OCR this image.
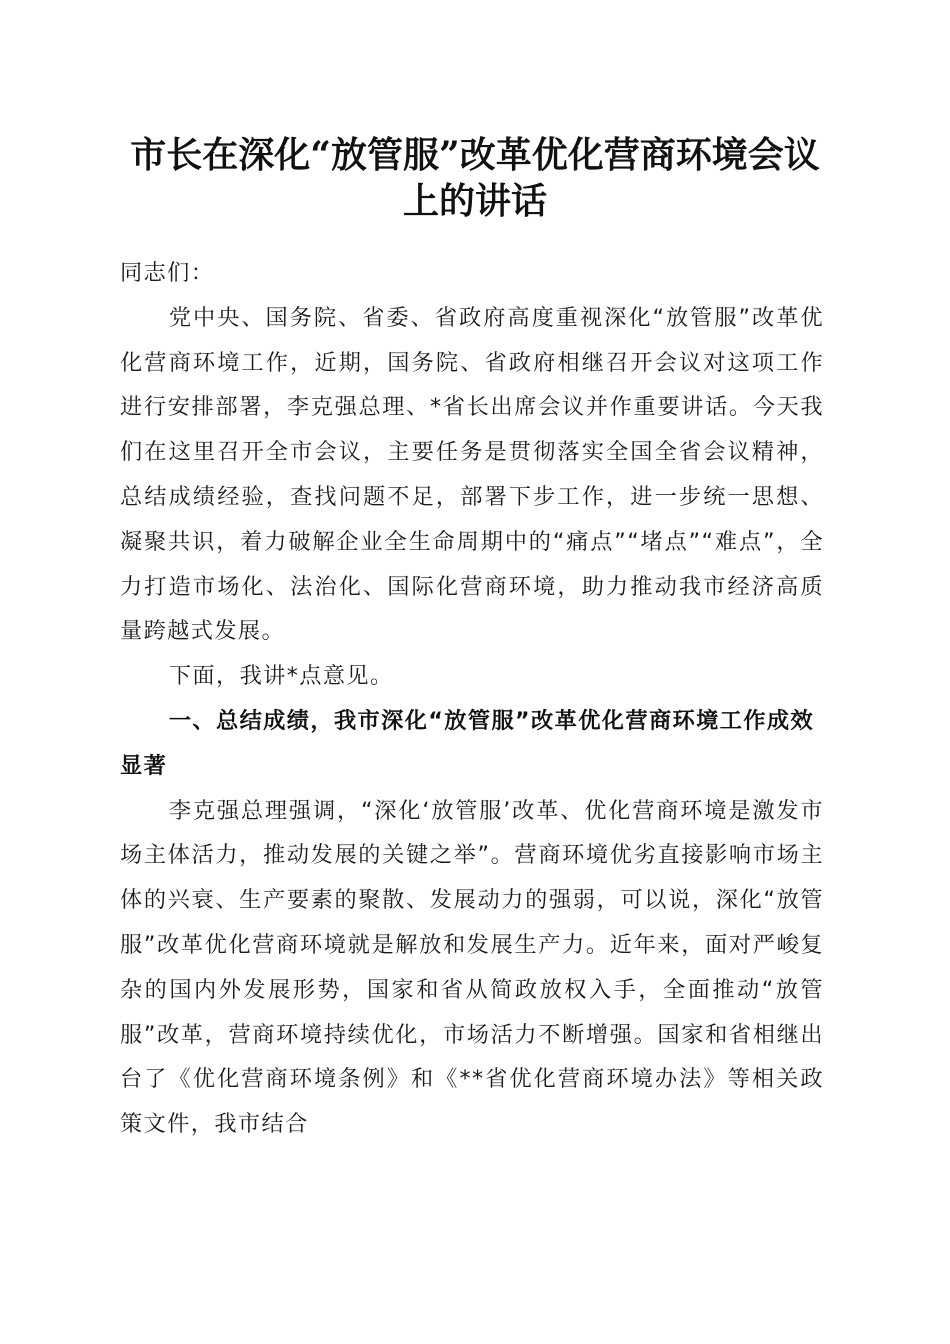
市长在深化“放管服”改革优化营商环境会议
上的讲话

同志们：

党中央、国务院、省委、省政府高度重视深化“放管服”改革优化营商环境工作，近期，国务院、省政府相继召开会议对这项工作进行安排部署，李克强总理、*省长出席会议并作重要讲话。今天我们在这里召开全市会议，主要任务是贯彻落实全国全省会议精神，总结成绩经验，查找问题不足，部署下步工作，进一步统一思想、凝聚共识，着力破解企业全生命周期中的“痛点”“堵点”“难点”，全力打造市场化、法治化、国际化营商环境，助力推动我市经济高质量跨越式发展。

下面，我讲*点意见。

一、总结成绩，我市深化“放管服”改革优化营商环境工作成效显著

李克强总理强调，“深化‘放管服’改革、优化营商环境是激发市场主体活力，推动发展的关键之举”。营商环境优劣直接影响市场主体的兴衰、生产要素的聚散、发展动力的强弱，可以说，深化“放管服”改革优化营商环境就是解放和发展生产力。近年来，面对严峻复杂的国内外发展形势，国家和省从简政放权入手，全面推动“放管服”改革，营商环境持续优化，市场活力不断增强。国家和省相继出台了《优化营商环境条例》和《**省优化营商环境办法》等相关政策文件，我市结合
